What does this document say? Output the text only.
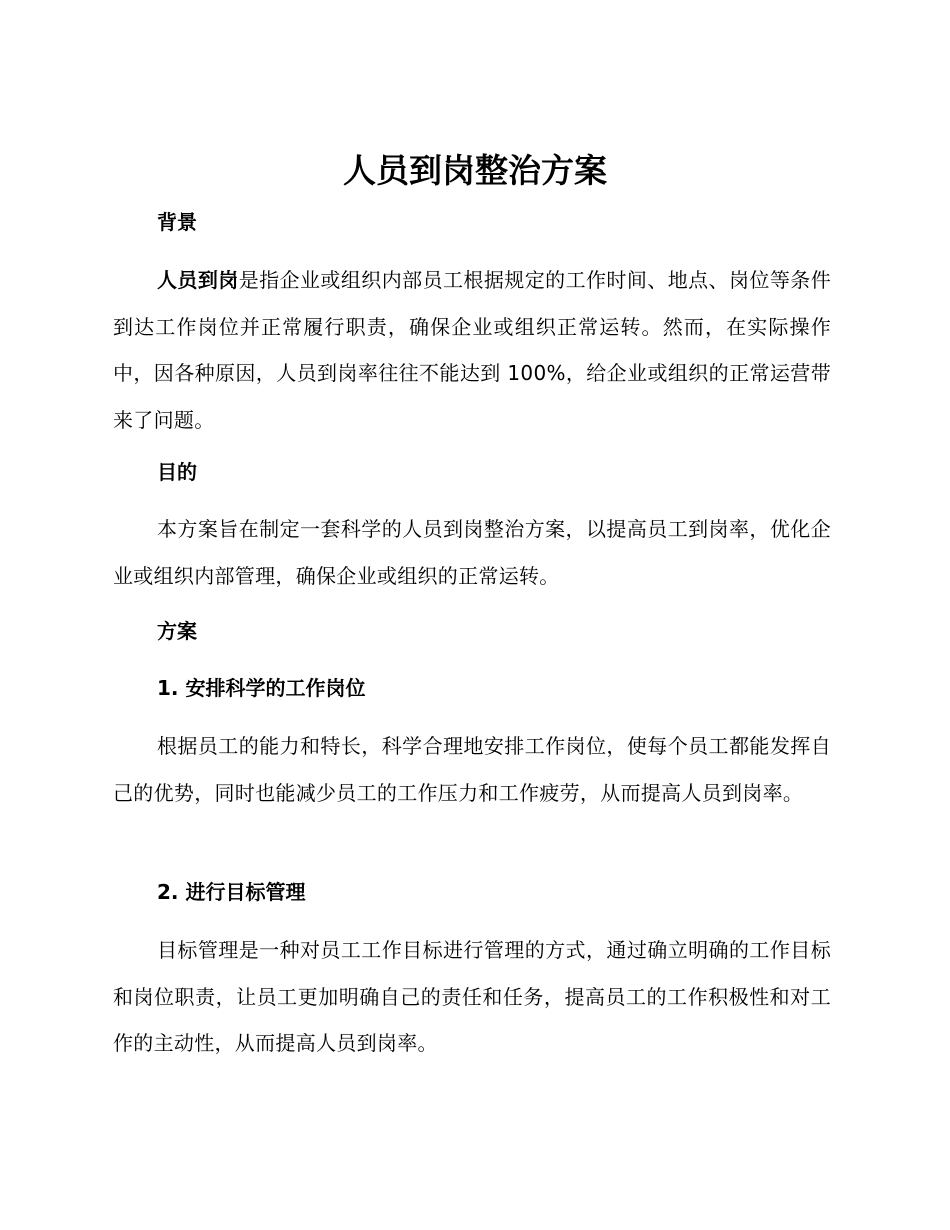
人员到岗整治方案
背景

人员到岗是指企业或组织内部员工根据规定的工作时间、地点、岗位等条件到达工作岗位并正常履行职责，确保企业或组织正常运转。然而，在实际操作中，因各种原因，人员到岗率往往不能达到 100%，给企业或组织的正常运营带来了问题。

目的

本方案旨在制定一套科学的人员到岗整治方案，以提高员工到岗率，优化企业或组织内部管理，确保企业或组织的正常运转。

方案
1. 安排科学的工作岗位

根据员工的能力和特长，科学合理地安排工作岗位，使每个员工都能发挥自己的优势，同时也能减少员工的工作压力和工作疲劳，从而提高人员到岗率。

2. 进行目标管理

目标管理是一种对员工工作目标进行管理的方式，通过确立明确的工作目标和岗位职责，让员工更加明确自己的责任和任务，提高员工的工作积极性和对工作的主动性，从而提高人员到岗率。
